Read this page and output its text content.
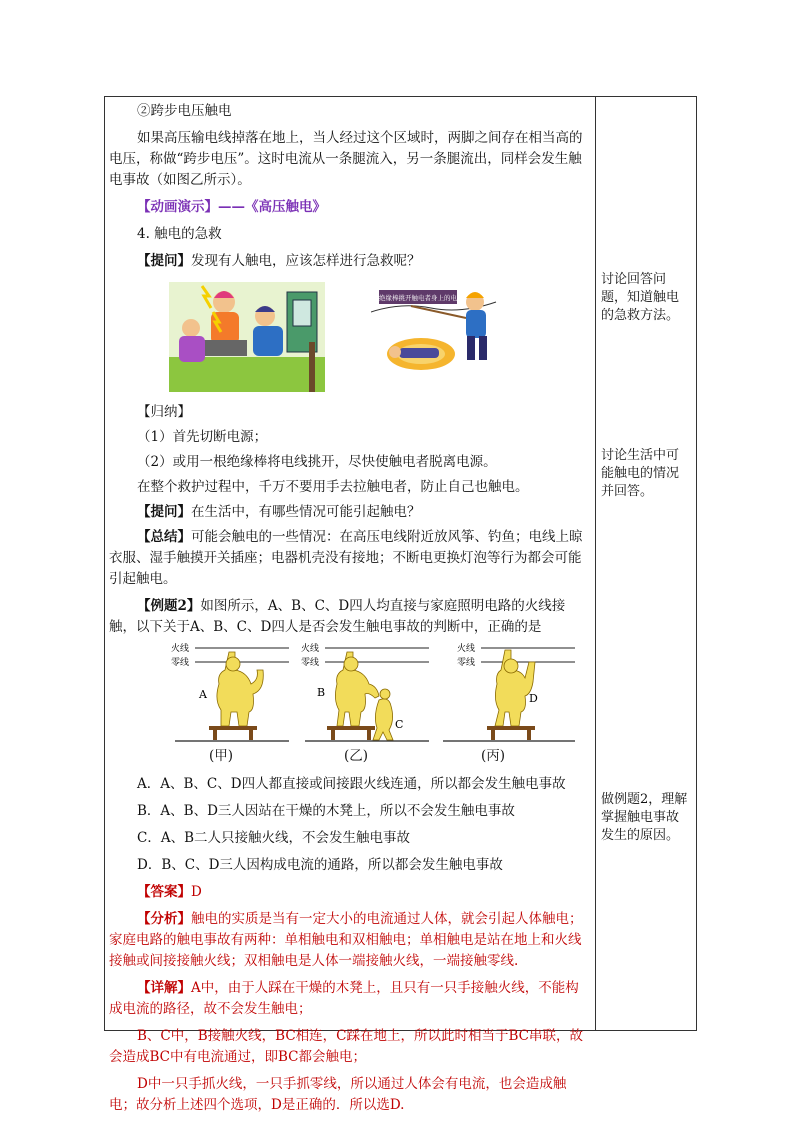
②跨步电压触电

如果高压输电线掉落在地上，当人经过这个区域时，两脚之间存在相当高的电压，称做“跨步电压”。这时电流从一条腿流入，另一条腿流出，同样会发生触电事故（如图乙所示）。

【动画演示】——《高压触电》

4. 触电的急救

【提问】发现有人触电，应该怎样进行急救呢？

用绝缘棒挑开触电者身上的电线

【归纳】

（1）首先切断电源；

（2）或用一根绝缘棒将电线挑开，尽快使触电者脱离电源。

在整个救护过程中，千万不要用手去拉触电者，防止自己也触电。

【提问】在生活中，有哪些情况可能引起触电？

【总结】可能会触电的一些情况：在高压电线附近放风筝、钓鱼；电线上晾衣服、湿手触摸开关插座；电器机壳没有接地；不断电更换灯泡等行为都会可能引起触电。

【例题2】如图所示，A、B、C、D四人均直接与家庭照明电路的火线接触，以下关于A、B、C、D四人是否会发生触电事故的判断中，正确的是

火线
零线
A
火线
零线
B
C
火线
零线
D
(甲)	(乙)	(丙)

A．A、B、C、D四人都直接或间接跟火线连通，所以都会发生触电事故

B．A、B、D三人因站在干燥的木凳上，所以不会发生触电事故

C．A、B二人只接触火线，不会发生触电事故

D．B、C、D三人因构成电流的通路，所以都会发生触电事故

【答案】D

【分析】触电的实质是当有一定大小的电流通过人体，就会引起人体触电；家庭电路的触电事故有两种：单相触电和双相触电；单相触电是站在地上和火线接触或间接接触火线；双相触电是人体一端接触火线，一端接触零线.

【详解】A中，由于人踩在干燥的木凳上，且只有一只手接触火线，不能构成电流的路径，故不会发生触电；

B、C中，B接触火线，BC相连，C踩在地上，所以此时相当于BC串联，故会造成BC中有电流通过，即BC都会触电；

D中一只手抓火线，一只手抓零线，所以通过人体会有电流，也会造成触电；故分析上述四个选项，D是正确的．所以选D.

讨论回答问题，知道触电的急救方法。

讨论生活中可能触电的情况并回答。

做例题2，理解掌握触电事故发生的原因。
